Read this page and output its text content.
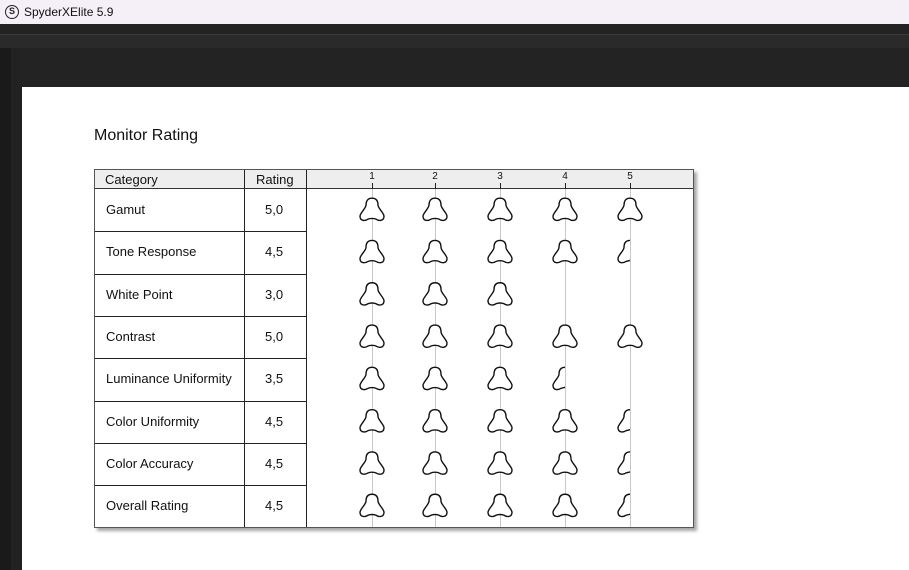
S SpyderXElite 5.9
Monitor Rating
Category	Rating	1	2	3	4	5
Gamut	5,0
Tone Response	4,5
White Point	3,0
Contrast	5,0
Luminance Uniformity	3,5
Color Uniformity	4,5
Color Accuracy	4,5
Overall Rating	4,5
